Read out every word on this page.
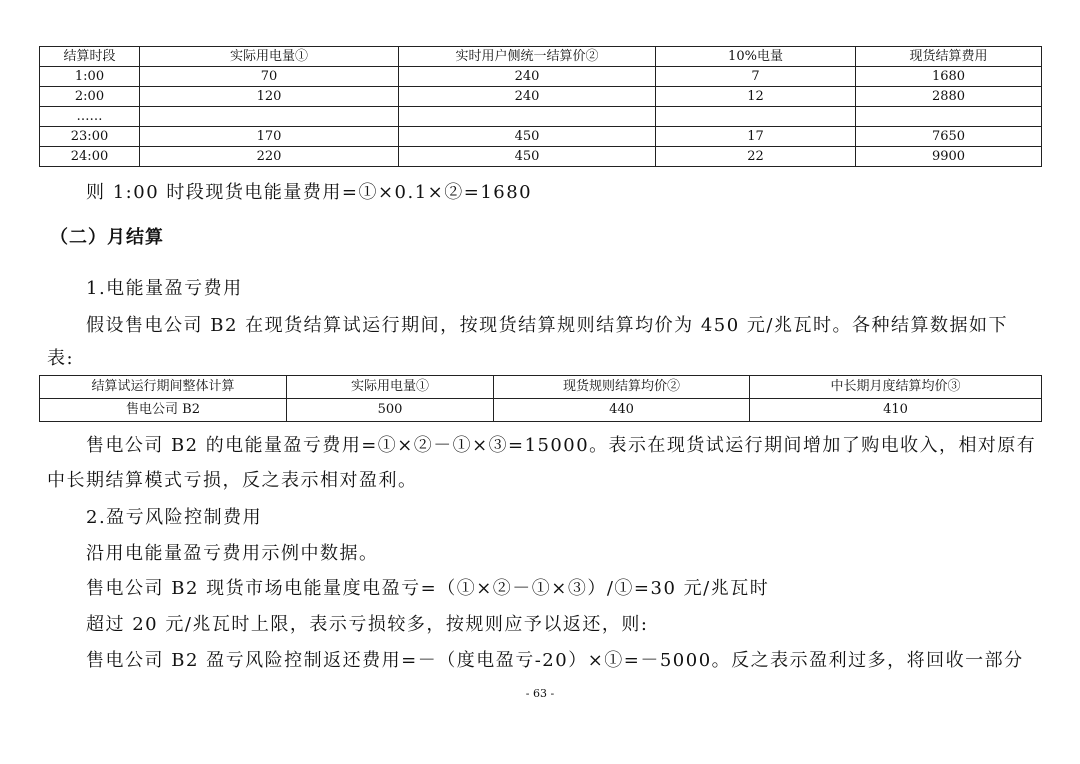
结算时段	实际用电量①	实时用户侧统一结算价②	10%电量	现货结算费用
1:00	70	240	7	1680
2:00	120	240	12	2880
……				
23:00	170	450	17	7650
24:00	220	450	22	9900
则 1:00 时段现货电能量费用=①×0.1×②=1680
（二）月结算
1.电能量盈亏费用
假设售电公司 B2 在现货结算试运行期间，按现货结算规则结算均价为 450 元/兆瓦时。各种结算数据如下
表:
结算试运行期间整体计算	实际用电量①	现货规则结算均价②	中长期月度结算均价③
售电公司 B2	500	440	410
售电公司 B2 的电能量盈亏费用=①×②－①×③=15000。表示在现货试运行期间增加了购电收入，相对原有
中长期结算模式亏损，反之表示相对盈利。
2.盈亏风险控制费用
沿用电能量盈亏费用示例中数据。
售电公司 B2 现货市场电能量度电盈亏=（①×②－①×③）/①=30 元/兆瓦时
超过 20 元/兆瓦时上限，表示亏损较多，按规则应予以返还，则:
售电公司 B2 盈亏风险控制返还费用=－（度电盈亏-20）×①=－5000。反之表示盈利过多，将回收一部分
- 63 -
